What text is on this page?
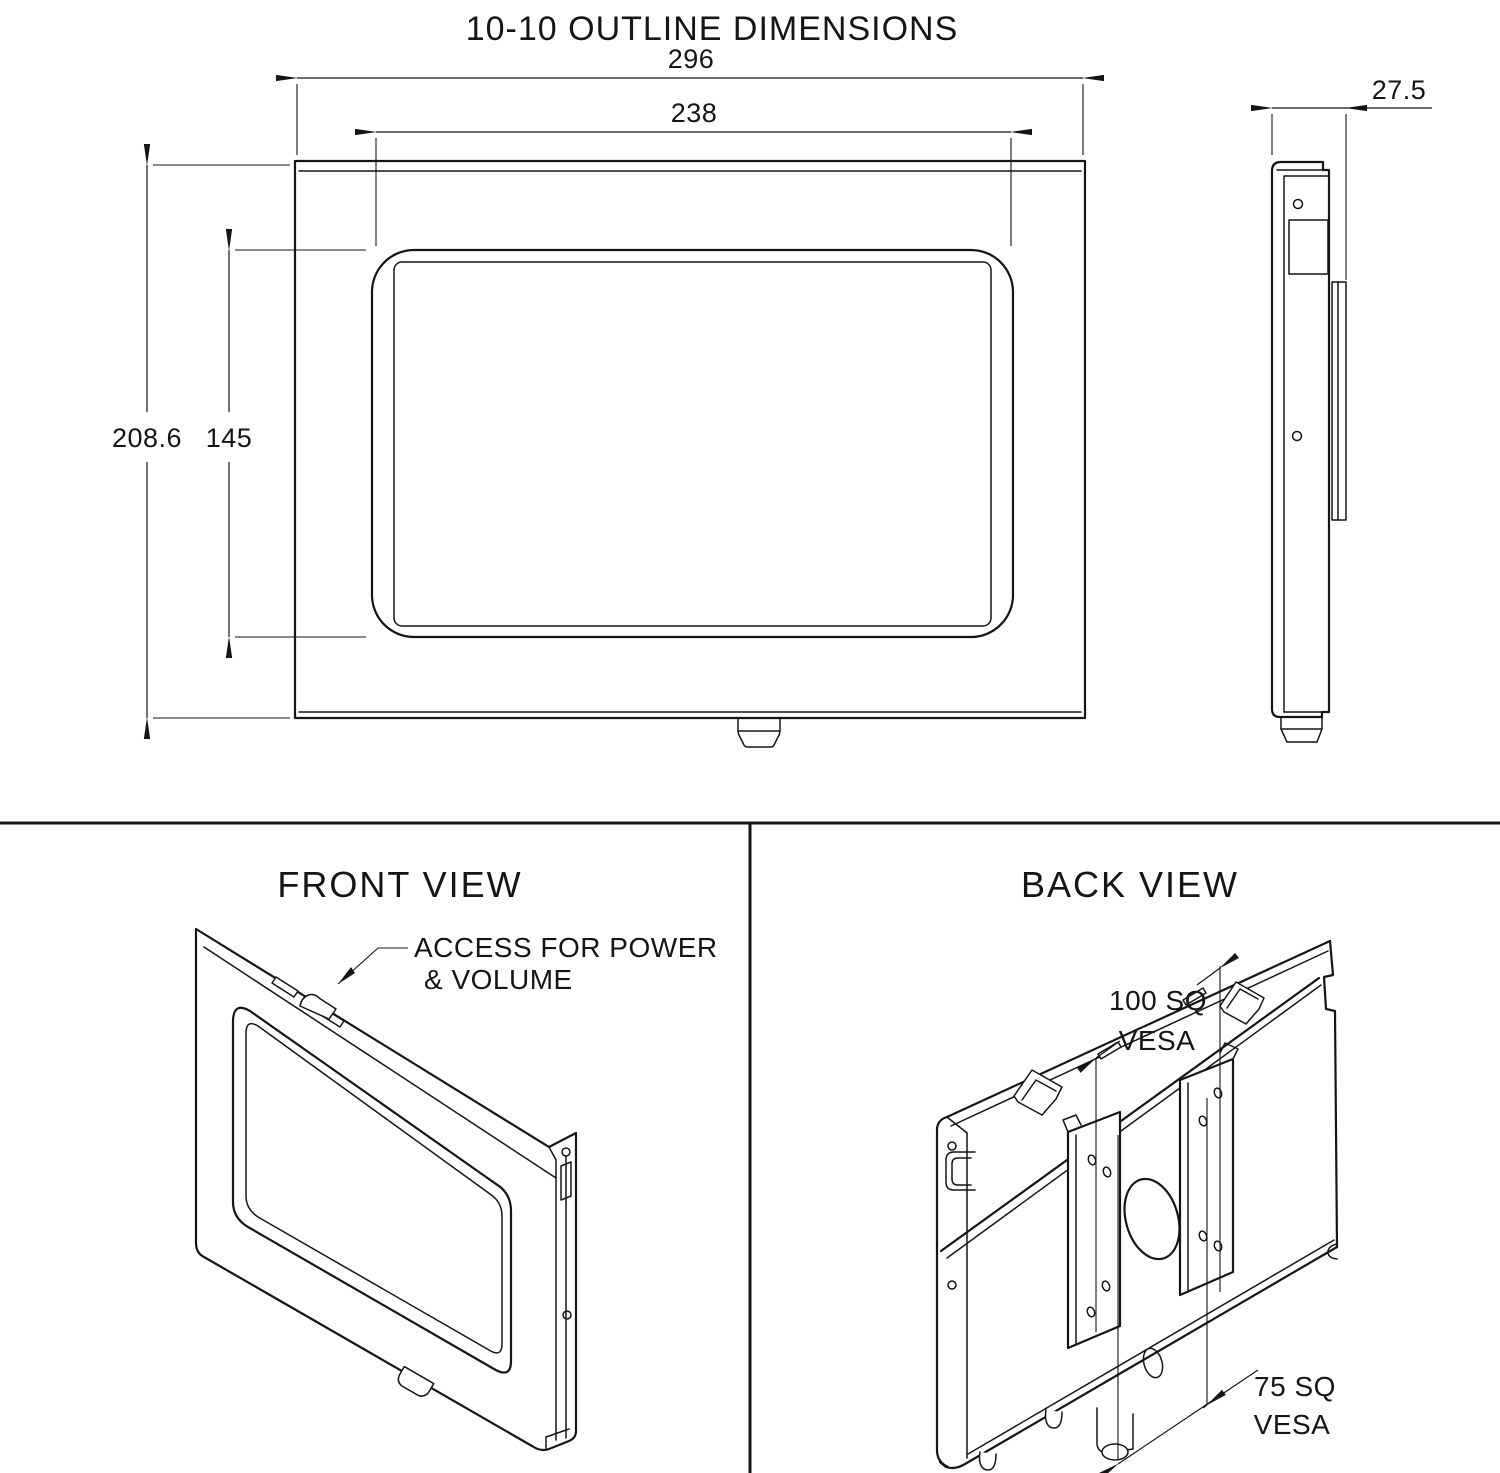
10-10 OUTLINE DIMENSIONS
296
238
208.6 145
27.5
FRONT VIEW
ACCESS FOR POWER
& VOLUME
BACK VIEW
100 SQ
VESA
75 SQ
VESA
